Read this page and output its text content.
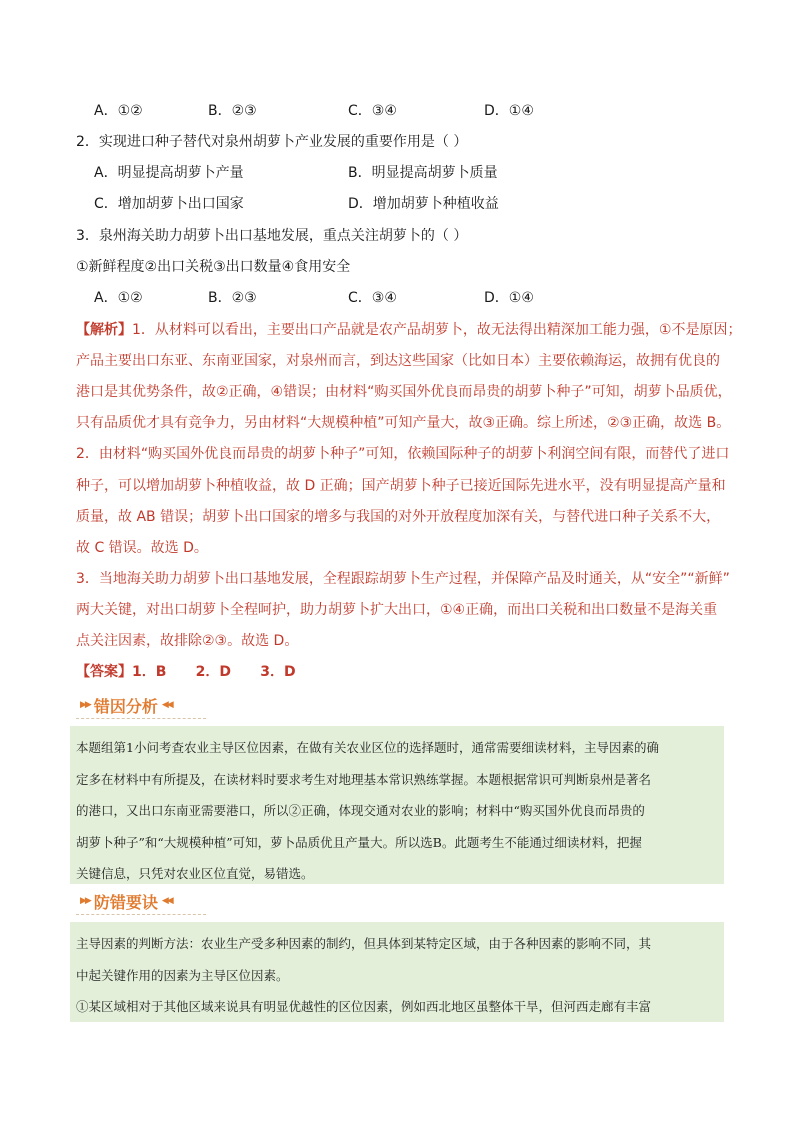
A．①②	B．②③	C．③④	D．①④
2．实现进口种子替代对泉州胡萝卜产业发展的重要作用是（ ）
A．明显提高胡萝卜产量	B．明显提高胡萝卜质量
C．增加胡萝卜出口国家	D．增加胡萝卜种植收益
3．泉州海关助力胡萝卜出口基地发展，重点关注胡萝卜的（ ）
①新鲜程度②出口关税③出口数量④食用安全
A．①②	B．②③	C．③④	D．①④
【解析】1．从材料可以看出，主要出口产品就是农产品胡萝卜，故无法得出精深加工能力强，①不是原因；
产品主要出口东亚、东南亚国家，对泉州而言，到达这些国家（比如日本）主要依赖海运，故拥有优良的
港口是其优势条件，故②正确，④错误；由材料“购买国外优良而昂贵的胡萝卜种子”可知，胡萝卜品质优，
只有品质优才具有竞争力，另由材料“大规模种植”可知产量大，故③正确。综上所述，②③正确，故选 B。
2．由材料“购买国外优良而昂贵的胡萝卜种子”可知，依赖国际种子的胡萝卜利润空间有限，而替代了进口
种子，可以增加胡萝卜种植收益，故 D 正确；国产胡萝卜种子已接近国际先进水平，没有明显提高产量和
质量，故 AB 错误；胡萝卜出口国家的增多与我国的对外开放程度加深有关，与替代进口种子关系不大，
故 C 错误。故选 D。
3．当地海关助力胡萝卜出口基地发展，全程跟踪胡萝卜生产过程，并保障产品及时通关，从“安全”“新鲜”
两大关键，对出口胡萝卜全程呵护，助力胡萝卜扩大出口，①④正确，而出口关税和出口数量不是海关重
点关注因素，故排除②③。故选 D。
【答案】1．B      2．D      3．D
▶▶ 错因分析 ◀◀
本题组第1小问考查农业主导区位因素，在做有关农业区位的选择题时，通常需要细读材料，主导因素的确
定多在材料中有所提及，在读材料时要求考生对地理基本常识熟练掌握。本题根据常识可判断泉州是著名
的港口，又出口东南亚需要港口，所以②正确，体现交通对农业的影响；材料中“购买国外优良而昂贵的
胡萝卜种子”和“大规模种植”可知，萝卜品质优且产量大。所以选B。此题考生不能通过细读材料，把握
关键信息，只凭对农业区位直觉，易错选。
▶▶ 防错要诀 ◀◀
主导因素的判断方法：农业生产受多种因素的制约，但具体到某特定区域，由于各种因素的影响不同，其
中起关键作用的因素为主导区位因素。
①某区域相对于其他区域来说具有明显优越性的区位因素，例如西北地区虽整体干旱，但河西走廊有丰富
